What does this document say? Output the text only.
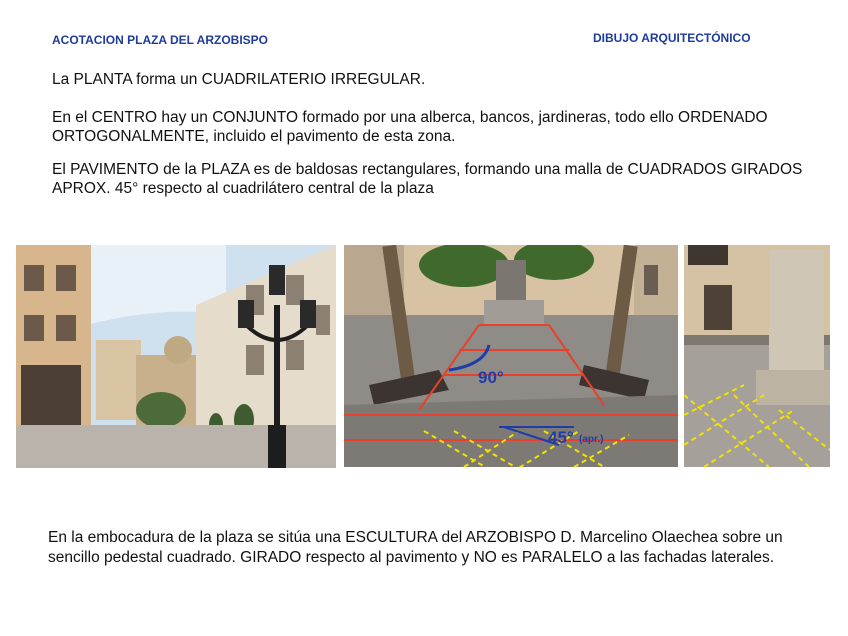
ACOTACION PLAZA DEL ARZOBISPO	DIBUJO ARQUITECTÓNICO
La PLANTA forma un CUADRILATERIO IRREGULAR.
En el CENTRO hay un CONJUNTO formado por una alberca, bancos, jardineras, todo ello ORDENADO ORTOGONALMENTE, incluido el pavimento de esta zona.
El PAVIMENTO de la PLAZA es de baldosas rectangulares, formando una malla de CUADRADOS GIRADOS APROX. 45° respecto al cuadrilátero central de la plaza
90°
45° (apr.)
En la embocadura de la plaza se sitúa una ESCULTURA del ARZOBISPO D. Marcelino Olaechea sobre un sencillo pedestal cuadrado. GIRADO respecto al pavimento y NO es PARALELO a las fachadas laterales.
